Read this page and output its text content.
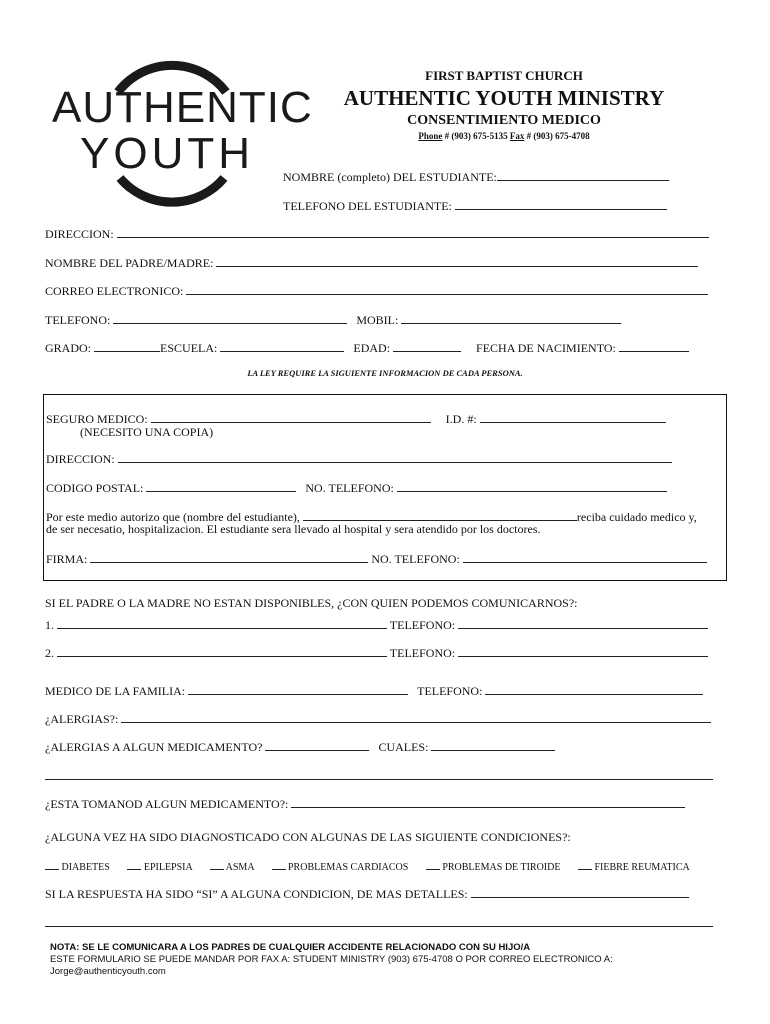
AUTHENTIC
YOUTH
FIRST BAPTIST CHURCH
AUTHENTIC YOUTH MINISTRY
CONSENTIMIENTO MEDICO
Phone # (903) 675-5135 Fax # (903) 675-4708
NOMBRE (completo) DEL ESTUDIANTE:
TELEFONO DEL ESTUDIANTE:
DIRECCION:
NOMBRE DEL PADRE/MADRE:
CORREO ELECTRONICO:
TELEFONO:	MOBIL:
GRADO:	ESCUELA:	EDAD:	FECHA DE NACIMIENTO:
LA LEY REQUIRE LA SIGUIENTE INFORMACION DE CADA PERSONA.
SEGURO MEDICO:	I.D. #:
(NECESITO UNA COPIA)
DIRECCION:
CODIGO POSTAL:	NO. TELEFONO:
Por este medio autorizo que (nombre del estudiante),	reciba cuidado medico y,
de ser necesatio, hospitalizacion. El estudiante sera llevado al hospital y sera atendido por los doctores.
FIRMA:	NO. TELEFONO:
SI EL PADRE O LA MADRE NO ESTAN DISPONIBLES, ¿CON QUIEN PODEMOS COMUNICARNOS?:
1.	TELEFONO:
2.	TELEFONO:
MEDICO DE LA FAMILIA:	TELEFONO:
¿ALERGIAS?:
¿ALERGIAS A ALGUN MEDICAMENTO?	CUALES:
¿ESTA TOMANOD ALGUN MEDICAMENTO?:
¿ALGUNA VEZ HA SIDO DIAGNOSTICADO CON ALGUNAS DE LAS SIGUIENTE CONDICIONES?:
DIABETES	EPILEPSIA	ASMA	PROBLEMAS CARDIACOS	PROBLEMAS DE TIROIDE	FIEBRE REUMATICA
SI LA RESPUESTA HA SIDO “SI” A ALGUNA CONDICION, DE MAS DETALLES:
NOTA: SE LE COMUNICARA A LOS PADRES DE CUALQUIER ACCIDENTE RELACIONADO CON SU HIJO/A
ESTE FORMULARIO SE PUEDE MANDAR POR FAX A: STUDENT MINISTRY (903) 675-4708 O POR CORREO ELECTRONICO A:
Jorge@authenticyouth.com
